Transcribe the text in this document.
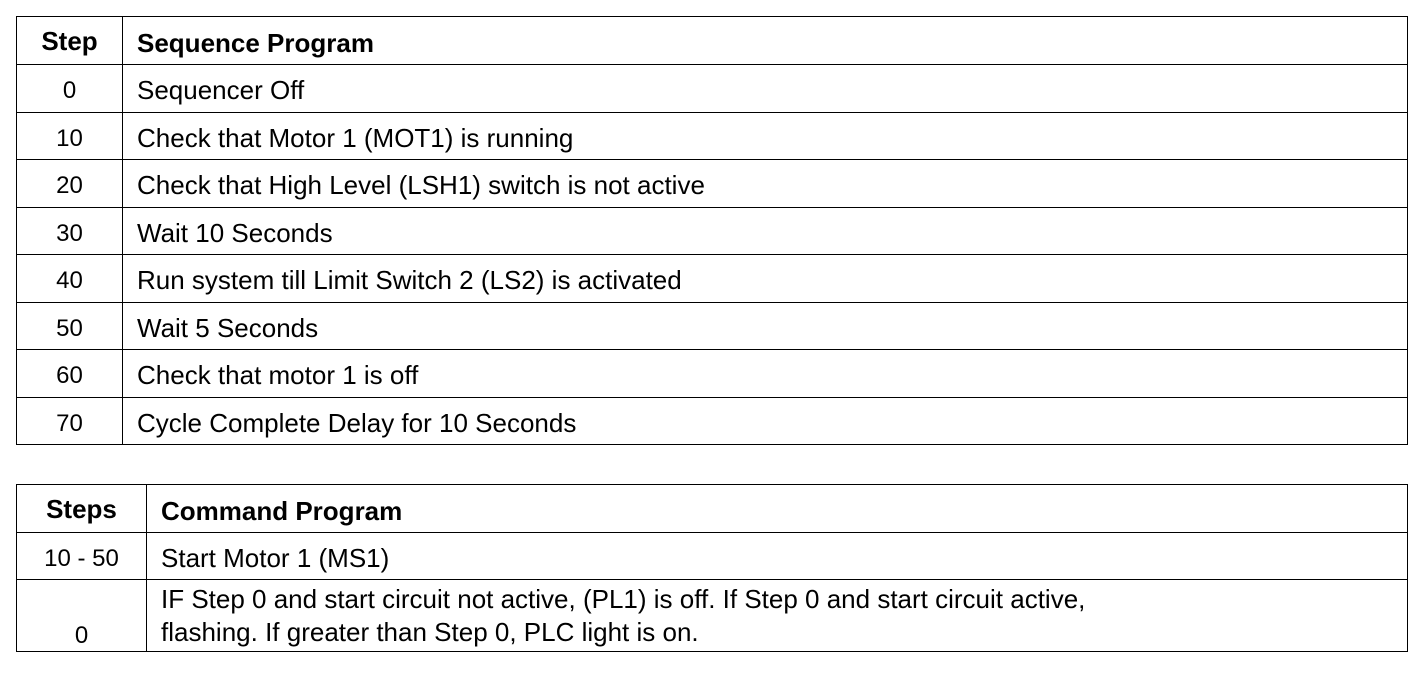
Step	Sequence Program
0	Sequencer Off
10	Check that Motor 1 (MOT1) is running
20	Check that High Level (LSH1) switch is not active
30	Wait 10 Seconds
40	Run system till Limit Switch 2 (LS2) is activated
50	Wait 5 Seconds
60	Check that motor 1 is off
70	Cycle Complete Delay for 10 Seconds
Steps	Command Program
10 - 50	Start Motor 1 (MS1)
0	IF Step 0 and start circuit not active, (PL1) is off. If Step 0 and start circuit active,
flashing. If greater than Step 0, PLC light is on.
